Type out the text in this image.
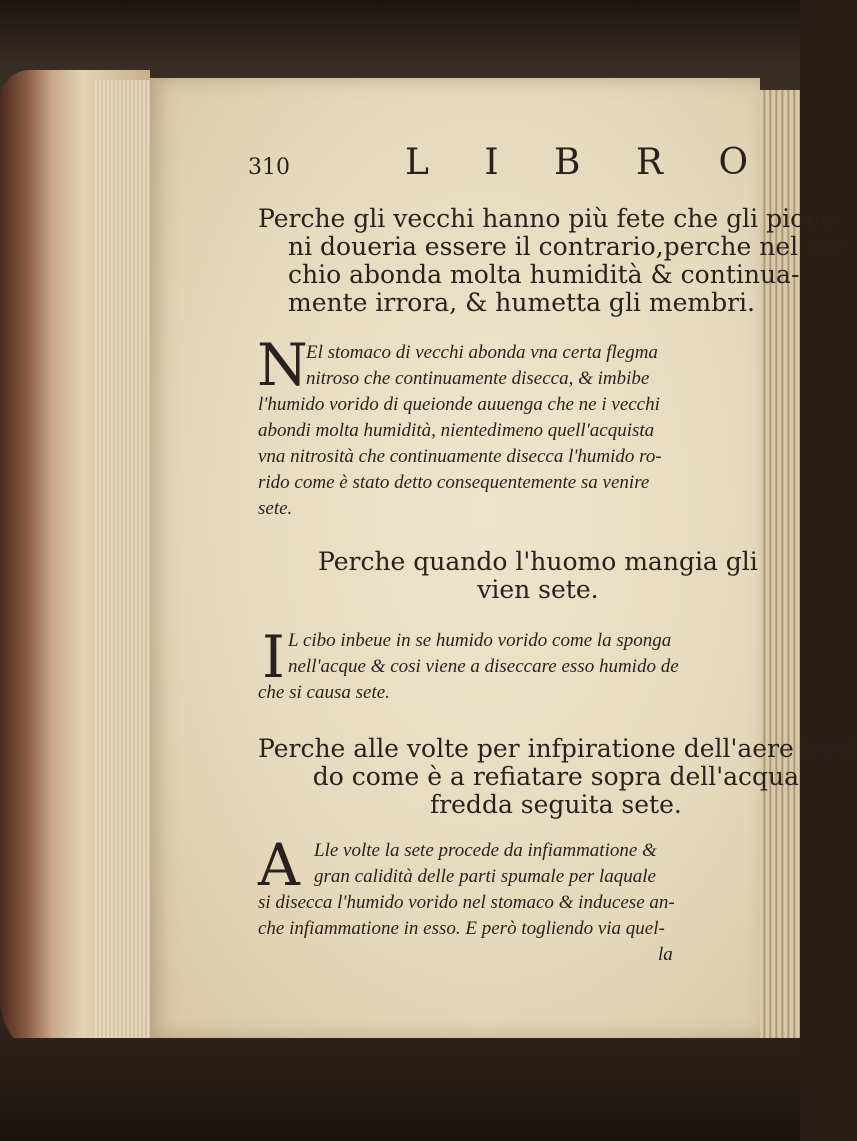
310	L I B R O
Perche gli vecchi hanno più fete che gli pioua-
ni doueria essere il contrario,perche nel vec-
chio abonda molta humidità & continua-
mente irrora, & humetta gli membri.
N
El stomaco di vecchi abonda vna certa flegma
nitroso che continuamente disecca, & imbibe
l'humido vorido di queionde auuenga che ne i vecchi
abondi molta humidità, nientedimeno quell'acquista
vna nitrosità che continuamente disecca l'humido ro-
rido come è stato detto consequentemente sa venire
sete.
Perche quando l'huomo mangia gli
vien sete.
I L cibo inbeue in se humido vorido come la sponga
nell'acque & cosi viene a diseccare esso humido de
che si causa sete.
Perche alle volte per infpiratione dell'aere fred
do come è a refiatare sopra dell'acqua
fredda seguita sete.
A Lle volte la sete procede da infiammatione &
gran calidità delle parti spumale per laquale
si disecca l'humido vorido nel stomaco & inducese an-
che infiammatione in esso. E però togliendo via quel-
la
